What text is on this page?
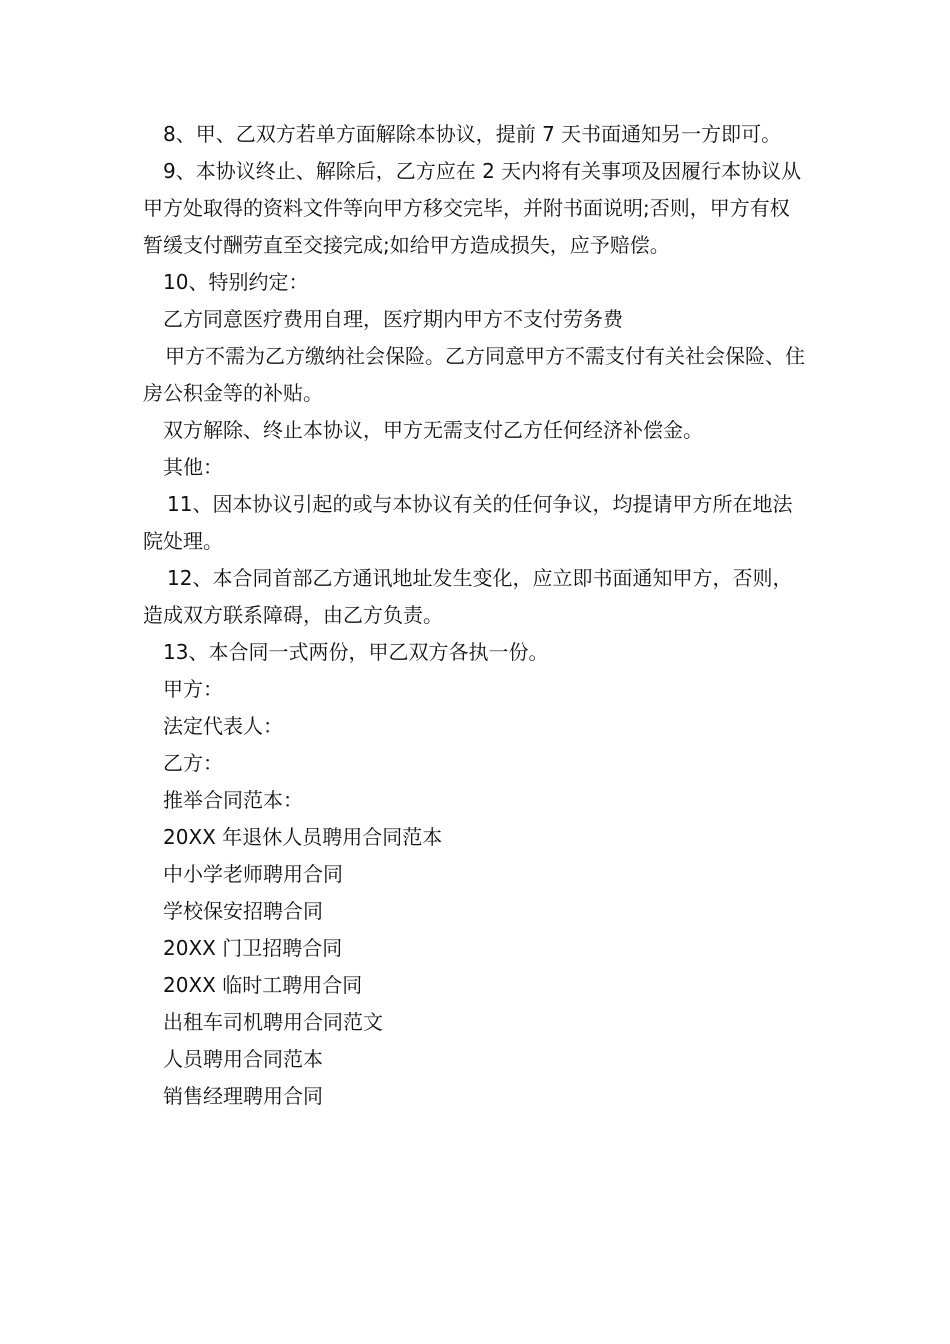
8、甲、乙双方若单方面解除本协议，提前 7 天书面通知另一方即可。

9、本协议终止、解除后，乙方应在 2 天内将有关事项及因履行本协议从甲方处取得的资料文件等向甲方移交完毕，并附书面说明;否则，甲方有权暂缓支付酬劳直至交接完成;如给甲方造成损失，应予赔偿。

10、特别约定：

乙方同意医疗费用自理，医疗期内甲方不支付劳务费

甲方不需为乙方缴纳社会保险。乙方同意甲方不需支付有关社会保险、住房公积金等的补贴。

双方解除、终止本协议，甲方无需支付乙方任何经济补偿金。

其他：

11、因本协议引起的或与本协议有关的任何争议，均提请甲方所在地法院处理。

12、本合同首部乙方通讯地址发生变化，应立即书面通知甲方，否则，造成双方联系障碍，由乙方负责。

13、本合同一式两份，甲乙双方各执一份。

甲方：

法定代表人：

乙方：

推举合同范本：

20XX 年退休人员聘用合同范本

中小学老师聘用合同

学校保安招聘合同

20XX 门卫招聘合同

20XX 临时工聘用合同

出租车司机聘用合同范文

人员聘用合同范本

销售经理聘用合同
